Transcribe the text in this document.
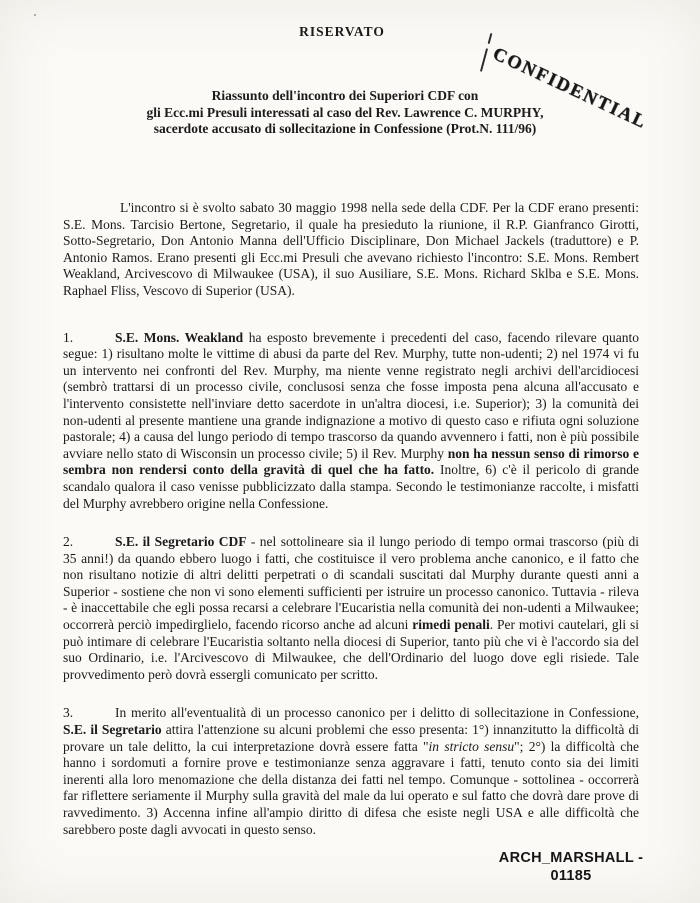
RISERVATO
CONFIDENTIAL
Riassunto dell'incontro dei Superiori CDF con
gli Ecc.mi Presuli interessati al caso del Rev. Lawrence C. MURPHY,
sacerdote accusato di sollecitazione in Confessione (Prot.N. 111/96)

L'incontro si è svolto sabato 30 maggio 1998 nella sede della CDF. Per la CDF erano presenti: S.E. Mons. Tarcisio Bertone, Segretario, il quale ha presieduto la riunione, il R.P. Gianfranco Girotti, Sotto-Segretario, Don Antonio Manna dell'Ufficio Disciplinare, Don Michael Jackels (traduttore) e P. Antonio Ramos. Erano presenti gli Ecc.mi Presuli che avevano richiesto l'incontro: S.E. Mons. Rembert Weakland, Arcivescovo di Milwaukee (USA), il suo Ausiliare, S.E. Mons. Richard Sklba e S.E. Mons. Raphael Fliss, Vescovo di Superior (USA).

1.	S.E. Mons. Weakland ha esposto brevemente i precedenti del caso, facendo rilevare quanto segue: 1) risultano molte le vittime di abusi da parte del Rev. Murphy, tutte non-udenti; 2) nel 1974 vi fu un intervento nei confronti del Rev. Murphy, ma niente venne registrato negli archivi dell'arcidiocesi (sembrò trattarsi di un processo civile, conclusosi senza che fosse imposta pena alcuna all'accusato e l'intervento consistette nell'inviare detto sacerdote in un'altra diocesi, i.e. Superior); 3) la comunità dei non-udenti al presente mantiene una grande indignazione a motivo di questo caso e rifiuta ogni soluzione pastorale; 4) a causa del lungo periodo di tempo trascorso da quando avvennero i fatti, non è più possibile avviare nello stato di Wisconsin un processo civile; 5) il Rev. Murphy non ha nessun senso di rimorso e sembra non rendersi conto della gravità di quel che ha fatto. Inoltre, 6) c'è il pericolo di grande scandalo qualora il caso venisse pubblicizzato dalla stampa. Secondo le testimonianze raccolte, i misfatti del Murphy avrebbero origine nella Confessione.

2.	S.E. il Segretario CDF - nel sottolineare sia il lungo periodo di tempo ormai trascorso (più di 35 anni!) da quando ebbero luogo i fatti, che costituisce il vero problema anche canonico, e il fatto che non risultano notizie di altri delitti perpetrati o di scandali suscitati dal Murphy durante questi anni a Superior - sostiene che non vi sono elementi sufficienti per istruire un processo canonico. Tuttavia - rileva - è inaccettabile che egli possa recarsi a celebrare l'Eucaristia nella comunità dei non-udenti a Milwaukee; occorrerà perciò impedirglielo, facendo ricorso anche ad alcuni rimedi penali. Per motivi cautelari, gli si può intimare di celebrare l'Eucaristia soltanto nella diocesi di Superior, tanto più che vi è l'accordo sia del suo Ordinario, i.e. l'Arcivescovo di Milwaukee, che dell'Ordinario del luogo dove egli risiede. Tale provvedimento però dovrà essergli comunicato per scritto.

3.	In merito all'eventualità di un processo canonico per i delitto di sollecitazione in Confessione, S.E. il Segretario attira l'attenzione su alcuni problemi che esso presenta: 1°) innanzitutto la difficoltà di provare un tale delitto, la cui interpretazione dovrà essere fatta "in stricto sensu"; 2°) la difficoltà che hanno i sordomuti a fornire prove e testimonianze senza aggravare i fatti, tenuto conto sia dei limiti inerenti alla loro menomazione che della distanza dei fatti nel tempo. Comunque - sottolinea - occorrerà far riflettere seriamente il Murphy sulla gravità del male da lui operato e sul fatto che dovrà dare prove di ravvedimento. 3) Accenna infine all'ampio diritto di difesa che esiste negli USA e alle difficoltà che sarebbero poste dagli avvocati in questo senso.

ARCH_MARSHALL -
01185
